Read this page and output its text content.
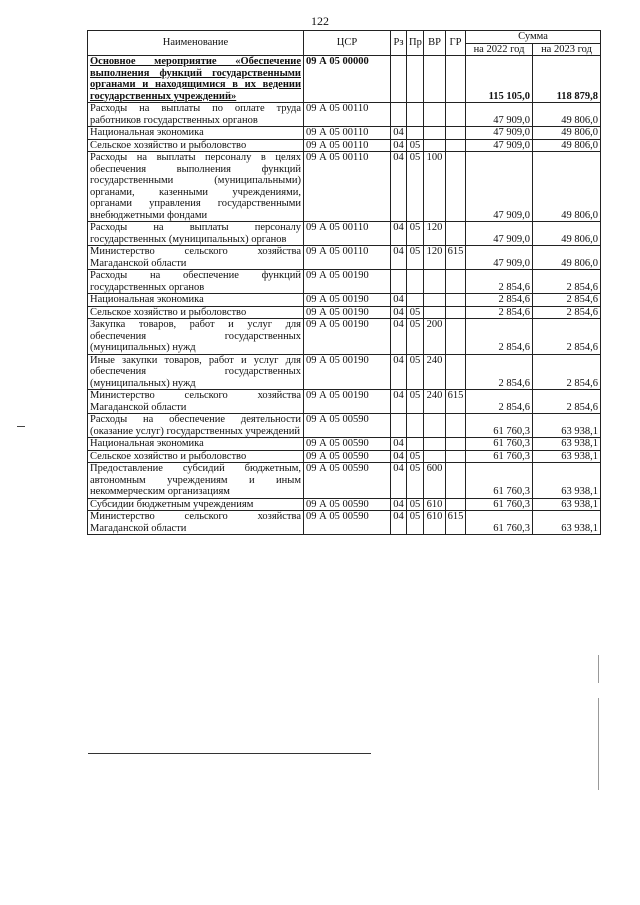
122
Наименование	ЦСР	Рз	Пр	ВР	ГР	Сумма	
						на 2022 год	на 2023 год
Основное мероприятие «Обеспечение выполнения функций государственными органами и находящимися в их ведении государственных учреждений»	09 А 05 00000					115 105,0	118 879,8
Расходы на выплаты по оплате труда работников государственных органов	09 А 05 00110					47 909,0	49 806,0
Национальная экономика	09 А 05 00110	04				47 909,0	49 806,0
Сельское хозяйство и рыболовство	09 А 05 00110	04	05			47 909,0	49 806,0
Расходы на выплаты персоналу в целях обеспечения выполнения функций государственными (муниципальными) органами, казенными учреждениями, органами управления государственными внебюджетными фондами	09 А 05 00110	04	05	100		47 909,0	49 806,0
Расходы на выплаты персоналу государственных (муниципальных) органов	09 А 05 00110	04	05	120		47 909,0	49 806,0
Министерство сельского хозяйства Магаданской области	09 А 05 00110	04	05	120	615	47 909,0	49 806,0
Расходы на обеспечение функций государственных органов	09 А 05 00190					2 854,6	2 854,6
Национальная экономика	09 А 05 00190	04				2 854,6	2 854,6
Сельское хозяйство и рыболовство	09 А 05 00190	04	05			2 854,6	2 854,6
Закупка товаров, работ и услуг для обеспечения государственных (муниципальных) нужд	09 А 05 00190	04	05	200		2 854,6	2 854,6
Иные закупки товаров, работ и услуг для обеспечения государственных (муниципальных) нужд	09 А 05 00190	04	05	240		2 854,6	2 854,6
Министерство сельского хозяйства Магаданской области	09 А 05 00190	04	05	240	615	2 854,6	2 854,6
Расходы на обеспечение деятельности (оказание услуг) государственных учреждений	09 А 05 00590					61 760,3	63 938,1
Национальная экономика	09 А 05 00590	04				61 760,3	63 938,1
Сельское хозяйство и рыболовство	09 А 05 00590	04	05			61 760,3	63 938,1
Предоставление субсидий бюджетным, автономным учреждениям и иным некоммерческим организациям	09 А 05 00590	04	05	600		61 760,3	63 938,1
Субсидии бюджетным учреждениям	09 А 05 00590	04	05	610		61 760,3	63 938,1
Министерство сельского хозяйства Магаданской области	09 А 05 00590	04	05	610	615	61 760,3	63 938,1
